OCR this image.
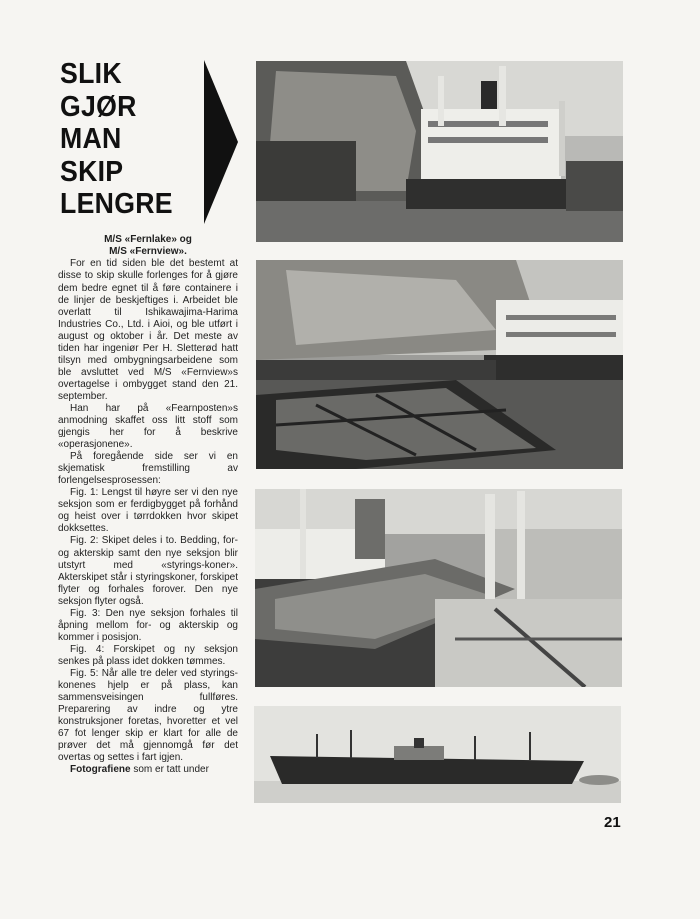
SLIK
GJØR
MAN
SKIP
LENGRE

M/S «Fernlake» og

M/S «Fernview».

For en tid siden ble det bestemt at disse to skip skulle forlenges for å gjøre dem bedre egnet til å føre containere i de linjer de beskjeftiges i. Arbeidet ble overlatt til Ishikawajima-Harima Industries Co., Ltd. i Aioi, og ble utført i august og oktober i år. Det meste av tiden har ingeniør Per H. Sletterød hatt tilsyn med ombygningsarbeidene som ble avsluttet ved M/S «Fernview»s overtagelse i ombygget stand den 21. september.

Han har på «Fearnposten»s anmodning skaffet oss litt stoff som gjengis her for å beskrive «operasjonene».

På foregående side ser vi en skjematisk fremstilling av forlengelsesprosessen:

Fig. 1: Lengst til høyre ser vi den nye seksjon som er ferdigbygget på forhånd og heist over i tørrdokken hvor skipet dokksettes.

Fig. 2: Skipet deles i to. Bedding, for- og akterskip samt den nye seksjon blir utstyrt med «styrings-koner». Akterskipet står i styringskoner, forskipet flyter og forhales forover. Den nye seksjon flyter også.

Fig. 3: Den nye seksjon forhales til åpning mellom for- og akterskip og kommer i posisjon.

Fig. 4: Forskipet og ny seksjon senkes på plass idet dokken tømmes.

Fig. 5: Når alle tre deler ved styrings-konenes hjelp er på plass, kan sammensveisingen fullføres. Preparering av indre og ytre konstruksjoner foretas, hvoretter et vel 67 fot lenger skip er klart for alle de prøver det må gjennomgå før det overtas og settes i fart igjen.

Fotografiene som er tatt under

21
